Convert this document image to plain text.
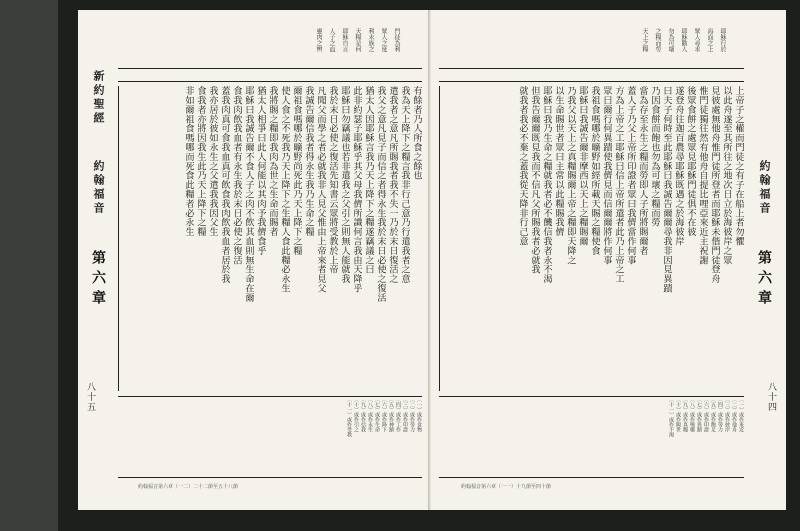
門徒為利
眾人之度
利未族之
天糧是何
耶穌自言
人子之血
靈肉之辨
有餘者乃人所食之餘也
我為天上降下之糧言我非行己意乃行遣我者之意
遣我者之意凡所賜我者我不失一乃於末日復活之
我父之意凡見子而信之者得永生我於末日必使之復活
猶太人因耶穌言我乃天上降下之糧遂竊議之曰
此非約瑟子耶穌乎其父母我儕所識何言我由天降乎
耶穌曰勿竊議也若非遣我之父引之則無人能就我
我於末日必使之復活先知書云眾將受教於上帝
凡聞父而學之者必就我非人見父惟由上帝來者見父
我誠告爾信我者得永生我乃生命之糧
爾祖食嗎哪於曠野尚死此乃天上降下之糧
使人食之不死我乃天上降下之生糧人食此糧必永生
我將賜之糧即我肉為世之生命而賜者
猶太人相爭曰此人何能以其肉予我儕食乎
耶穌曰我誠告爾不食人子之肉不飲其血則無生命在爾
食我肉飲我血者有永生我於末日必使之復活
蓋我肉真可食我血真可飲食我肉飲我血者居於我
我亦居於彼如永生之父遣我我因父生
食我者亦將因我生此乃天上降下之糧
非如爾祖食嗎哪而死食此糧者必永生
〔一〕或作食物
〔二〕或作勞力
〔三〕或作印證
〔四〕或作工作
〔五〕或作神蹟
〔六〕或作降下
〔七〕或作生命
〔八〕或作永生
〔九〕或作信我
〔十〕或作引之
〔十一〕或作受教
新約聖經
約翰福音
第六章
八十五
約翰福音第六章（一二）二十二節至五十八節
耶穌行於
海面之上
眾人尋求
耶穌勸人
勿為可壞
之糧而勞
天上之糧
上帝子之權而門徒之有子在船上者勿懼
以此舟遂至其所往之地次日立於海彼岸之眾
見彼處無他舟惟門徒所登者而耶穌未偕門徒登舟
惟門徒獨往然有他舟自提比哩亞來近主祝謝
後眾食餅之處眾見耶穌門徒俱不在彼
遂登舟往迦百農尋耶穌既遇之於海彼岸
曰夫子何時至此耶穌曰我誠告爾爾尋我非因見異蹟
乃因食餅而飽也勿為可壞之糧而勞
當為存至永生之糧而勞即人子所將賜爾者
蓋人子乃父上帝所印證者眾曰我儕當作何事
方為上帝之工耶穌曰信上帝所遣者此乃上帝之工
眾曰爾行何異蹟使我儕見而信爾爾將作何事
我祖食嗎哪於曠野如經所載天賜之糧使食
耶穌曰我誠告爾非摩西以天上之糧賜爾
乃我父以天上之真糧賜爾上帝之糧即天降之
以生命賜世者眾曰主常以此糧賜我儕
耶穌曰我乃生命之糧就我者必不饑信我者永不渴
但我告爾爾既見我而不信凡父所賜我者必就我
就我者我必不棄之蓋我從天降非行己意
〔一〕或作來近
〔二〕或作他舟
〔三〕或作彼岸
〔四〕或作勞力
〔五〕或作飽足
〔六〕或作印證
〔七〕或作異蹟
〔八〕或作嗎哪
〔九〕或作真糧
〔十〕或作賜世
〔十一〕或作不渴
約翰福音
第六章
八十四
約翰福音第六章（一一）十九節至四十節
